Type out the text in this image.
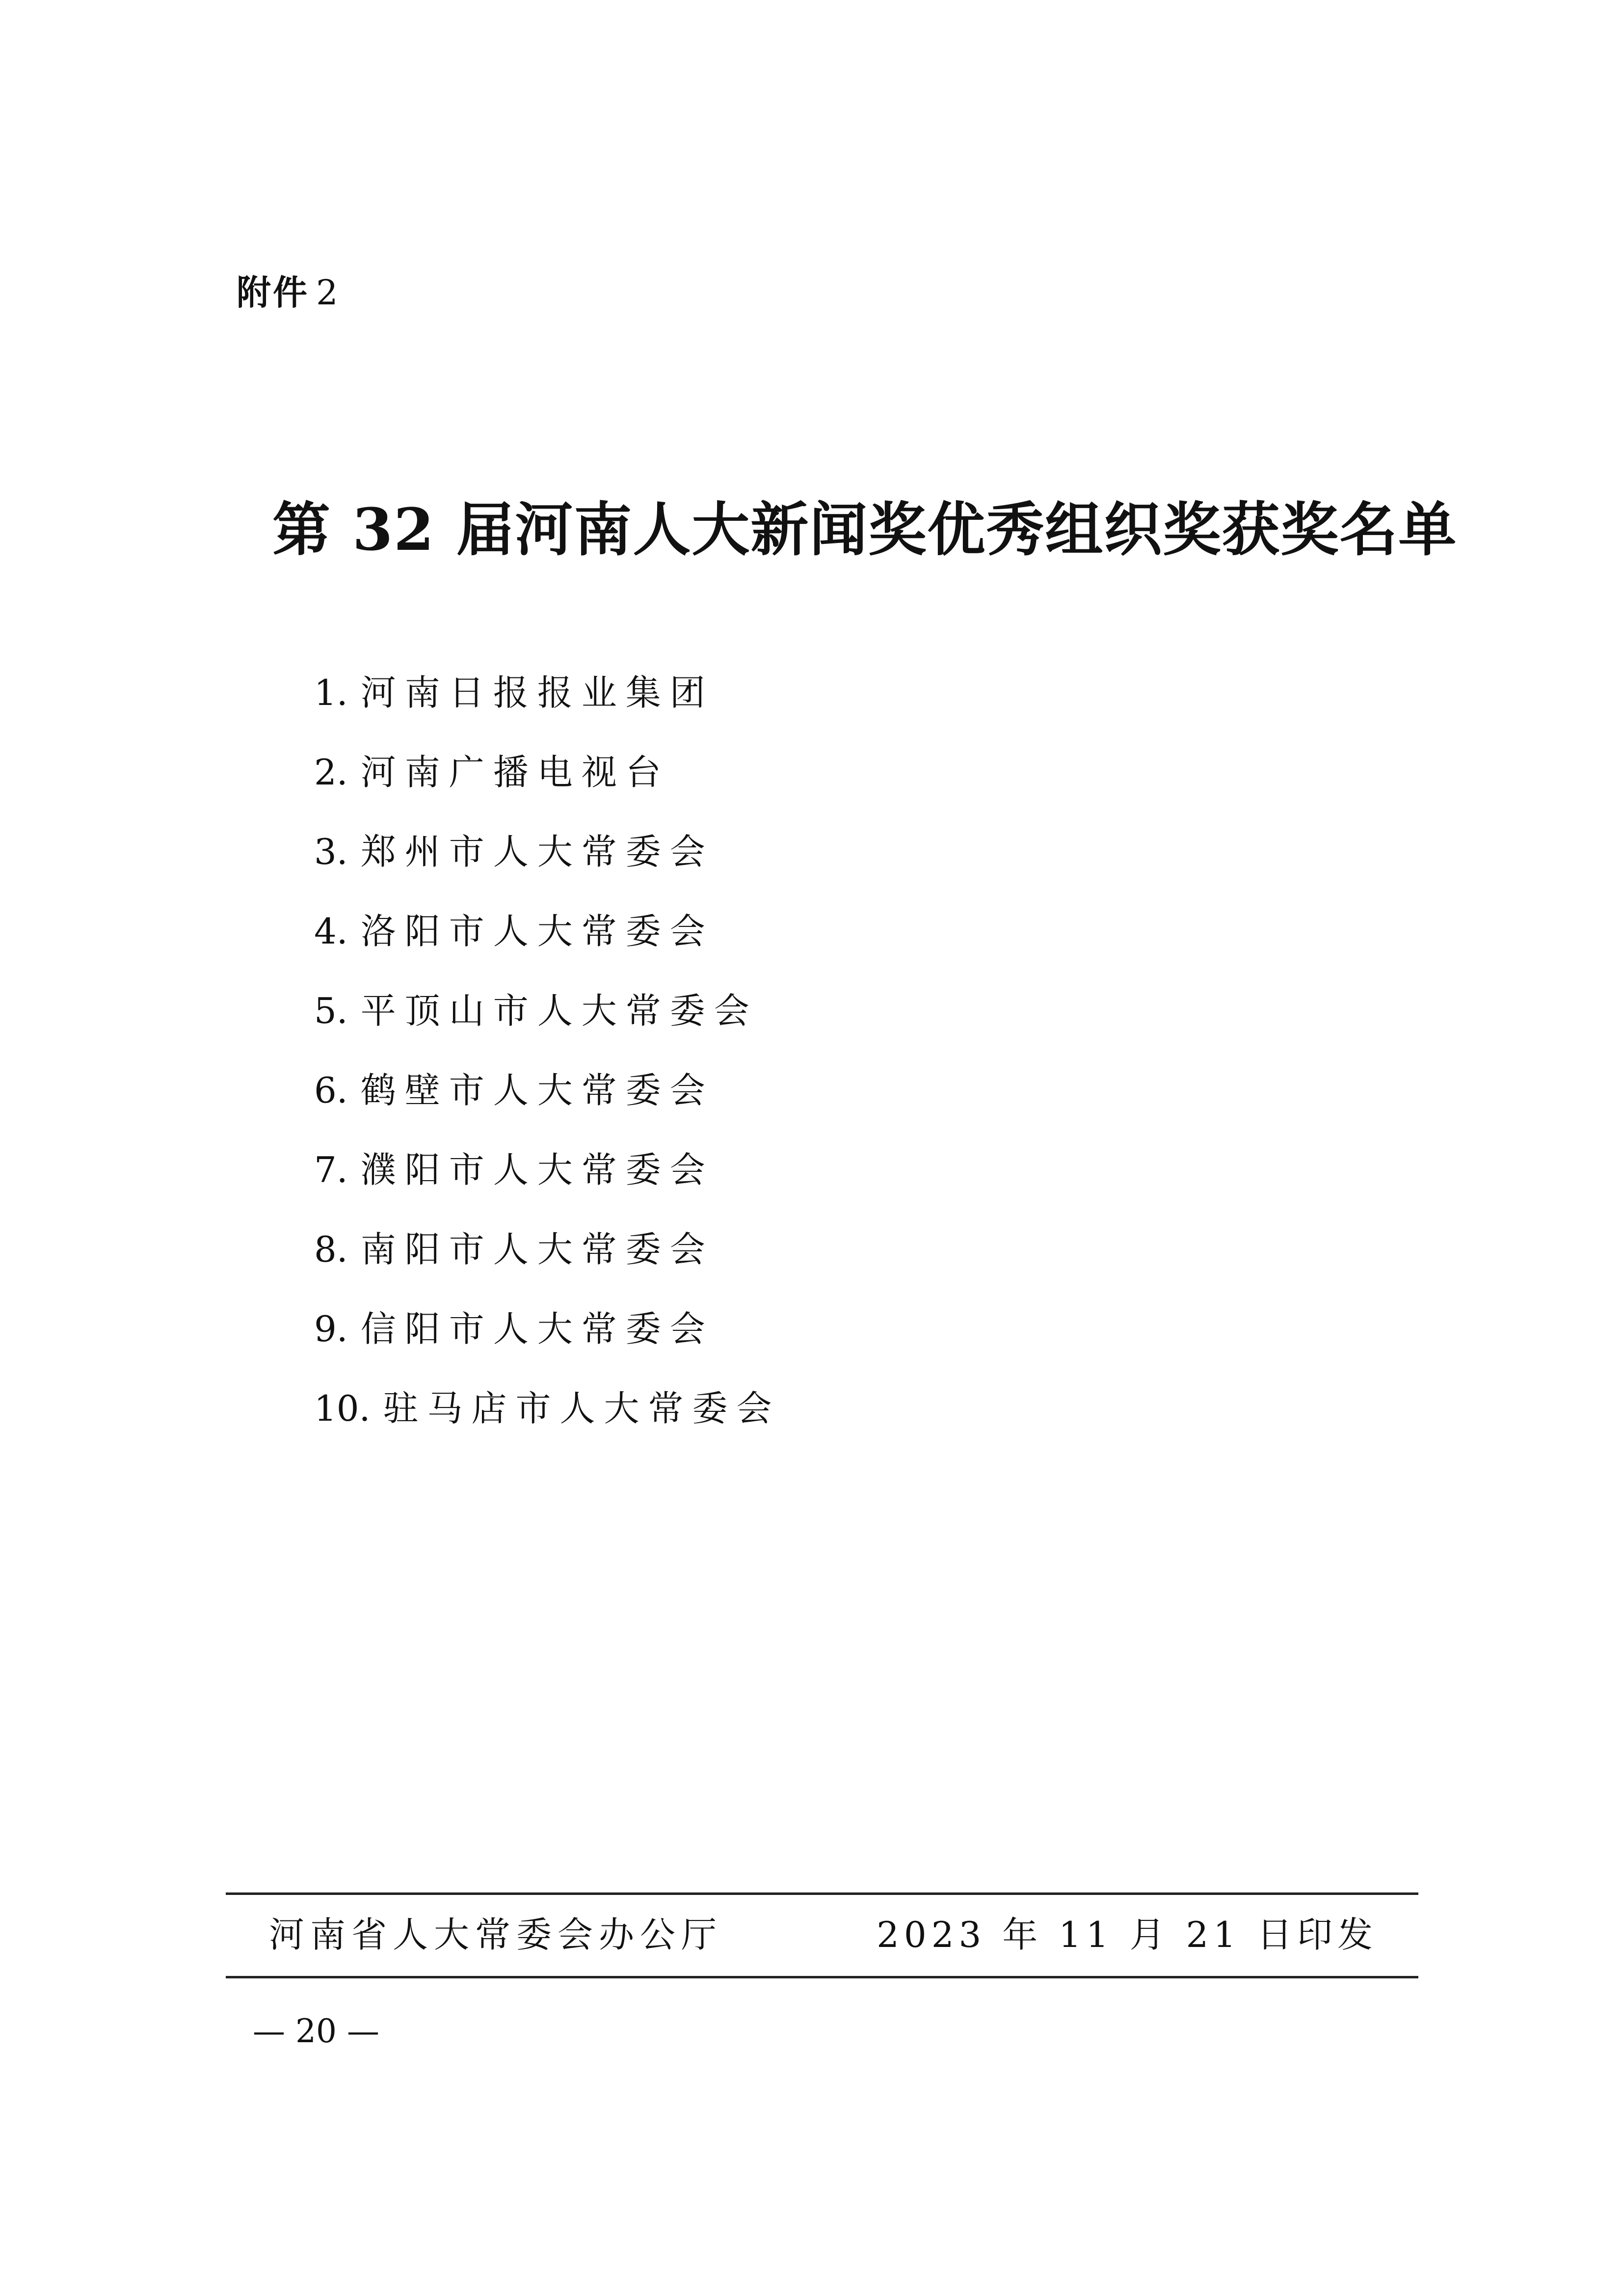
附件 2
第 32 届河南人大新闻奖优秀组织奖获奖名单
1. 河南日报报业集团
2. 河南广播电视台
3. 郑州市人大常委会
4. 洛阳市人大常委会
5. 平顶山市人大常委会
6. 鹤壁市人大常委会
7. 濮阳市人大常委会
8. 南阳市人大常委会
9. 信阳市人大常委会
10. 驻马店市人大常委会
河南省人大常委会办公厅	2023 年 11 月 21 日印发
— 20 —
